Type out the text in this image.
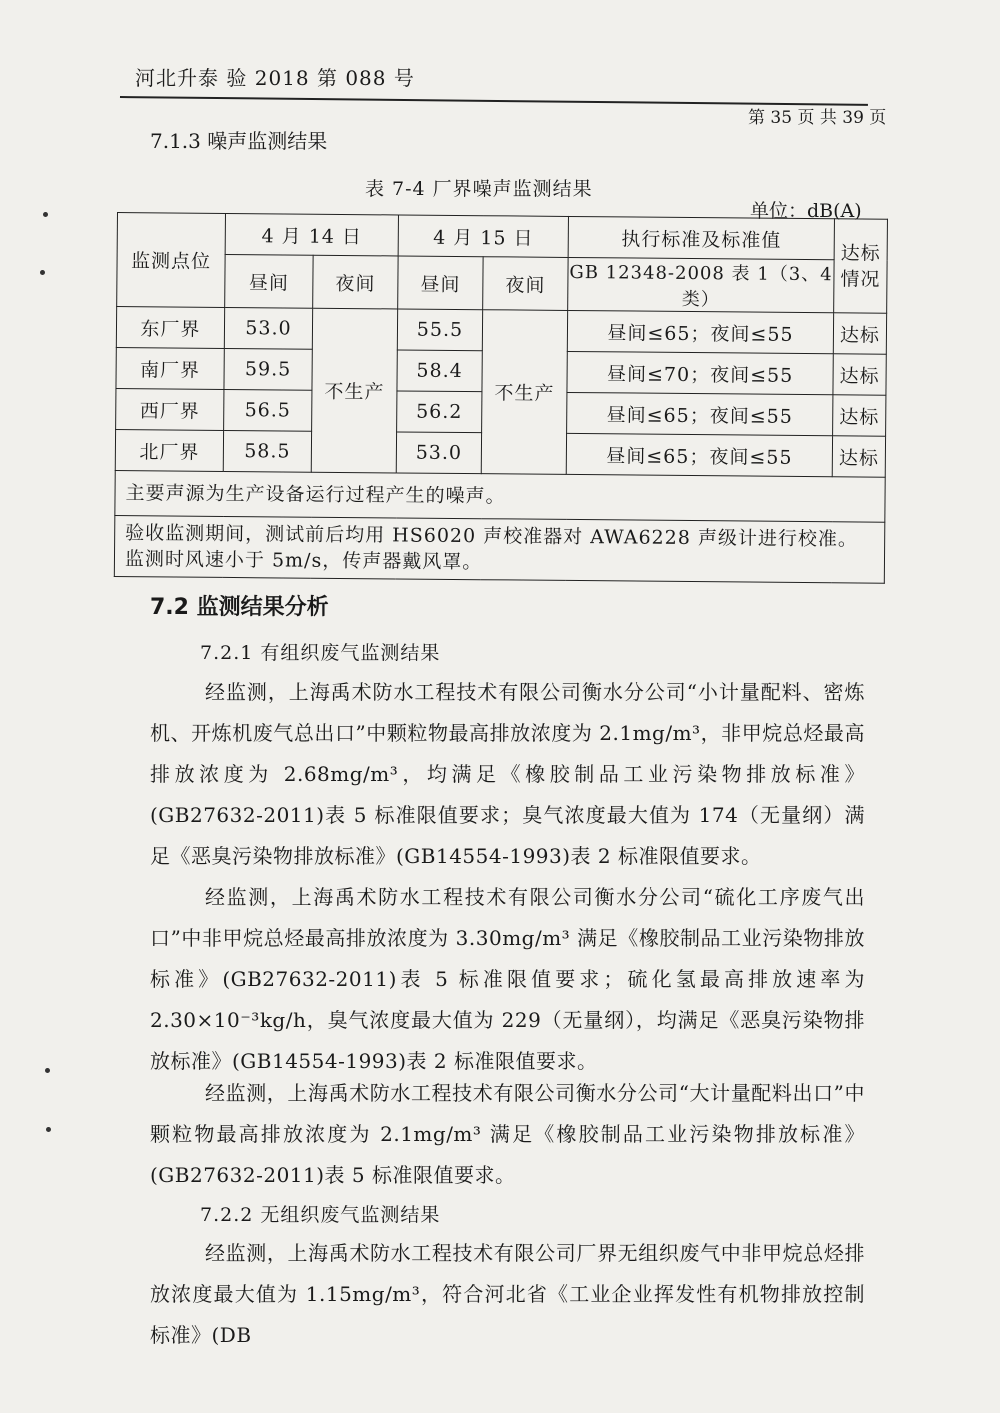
河北升泰 验 2018 第 088 号
第 35 页 共 39 页
7.1.3 噪声监测结果
表 7-4 厂界噪声监测结果
单位：dB(A)
监测点位	4 月 14 日		4 月 15 日		执行标准及标准值	达标情况
	昼间	夜间	昼间	夜间	GB 12348-2008 表 1（3、4 类）	
东厂界	53.0	不生产	55.5	不生产	昼间≤65；夜间≤55	达标
南厂界	59.5		58.4		昼间≤70；夜间≤55	达标
西厂界	56.5		56.2		昼间≤65；夜间≤55	达标
北厂界	58.5		53.0		昼间≤65；夜间≤55	达标
主要声源为生产设备运行过程产生的噪声。						
验收监测期间，测试前后均用 HS6020 声校准器对 AWA6228 声级计进行校准。监测时风速小于 5m/s，传声器戴风罩。						
7.2 监测结果分析
7.2.1 有组织废气监测结果
经监测，上海禹术防水工程技术有限公司衡水分公司“小计量配料、密炼机、开炼机废气总出口”中颗粒物最高排放浓度为 2.1mg/m³，非甲烷总烃最高排放浓度为 2.68mg/m³，均满足《橡胶制品工业污染物排放标准》(GB27632-2011)表 5 标准限值要求；臭气浓度最大值为 174（无量纲）满足《恶臭污染物排放标准》(GB14554-1993)表 2 标准限值要求。
经监测，上海禹术防水工程技术有限公司衡水分公司“硫化工序废气出口”中非甲烷总烃最高排放浓度为 3.30mg/m³ 满足《橡胶制品工业污染物排放标准》(GB27632-2011)表 5 标准限值要求；硫化氢最高排放速率为 2.30×10⁻³kg/h，臭气浓度最大值为 229（无量纲），均满足《恶臭污染物排放标准》(GB14554-1993)表 2 标准限值要求。
经监测，上海禹术防水工程技术有限公司衡水分公司“大计量配料出口”中颗粒物最高排放浓度为 2.1mg/m³ 满足《橡胶制品工业污染物排放标准》(GB27632-2011)表 5 标准限值要求。
7.2.2 无组织废气监测结果
经监测，上海禹术防水工程技术有限公司厂界无组织废气中非甲烷总烃排放浓度最大值为 1.15mg/m³，符合河北省《工业企业挥发性有机物排放控制标准》(DB
